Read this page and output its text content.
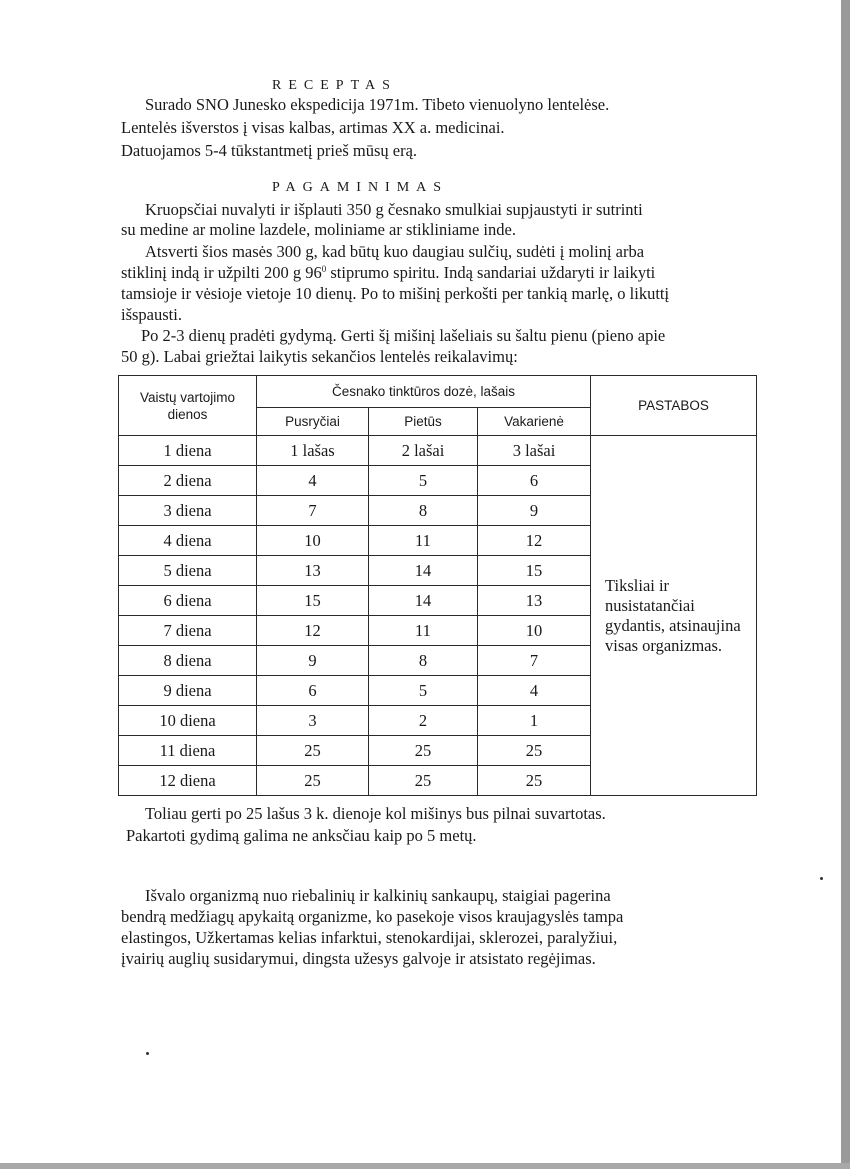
RECEPTAS
Surado SNO Junesko ekspedicija 1971m. Tibeto vienuolyno lentelėse.
Lentelės išverstos į visas kalbas, artimas XX a. medicinai.
Datuojamos 5-4 tūkstantmetį prieš mūsų erą.
PAGAMINIMAS
Kruopsčiai nuvalyti ir išplauti 350 g česnako smulkiai supjaustyti ir sutrinti
su medine ar moline lazdele, moliniame ar stikliniame inde.
Atsverti šios masės 300 g, kad būtų kuo daugiau sulčių, sudėti į molinį arba
stiklinį indą ir užpilti 200 g $96^0$ stiprumo spiritu. Indą sandariai uždaryti ir laikyti
tamsioje ir vėsioje vietoje 10 dienų. Po to mišinį perkošti per tankią marlę, o likuttį
išspausti.
Po 2-3 dienų pradėti gydymą. Gerti šį mišinį lašeliais su šaltu pienu (pieno apie
50 g). Labai griežtai laikytis sekančios lentelės reikalavimų:
Vaistų vartojimo dienos	Česnako tinktūros dozė, lašais			PASTABOS
	Pusryčiai	Pietūs	Vakarienė	
1 diena	1 lašas	2 lašai	3 lašai	Tiksliai ir
nusistatančiai
gydantis, atsinaujina
visas organizmas.

2 diena	4	5	6	
3 diena	7	8	9	
4 diena	10	11	12	
5 diena	13	14	15	
6 diena	15	14	13	
7 diena	12	11	10	
8 diena	9	8	7	
9 diena	6	5	4	
10 diena	3	2	1	
11 diena	25	25	25	
12 diena	25	25	25	
Toliau gerti po 25 lašus 3 k. dienoje kol mišinys bus pilnai suvartotas.
Pakartoti gydimą galima ne anksčiau kaip po 5 metų.
Išvalo organizmą nuo riebalinių ir kalkinių sankaupų, staigiai pagerina
bendrą medžiagų apykaitą organizme, ko pasekoje visos kraujagyslės tampa
elastingos, Užkertamas kelias infarktui, stenokardijai, sklerozei, paralyžiui,
įvairių auglių susidarymui, dingsta užesys galvoje ir atsistato regėjimas.
